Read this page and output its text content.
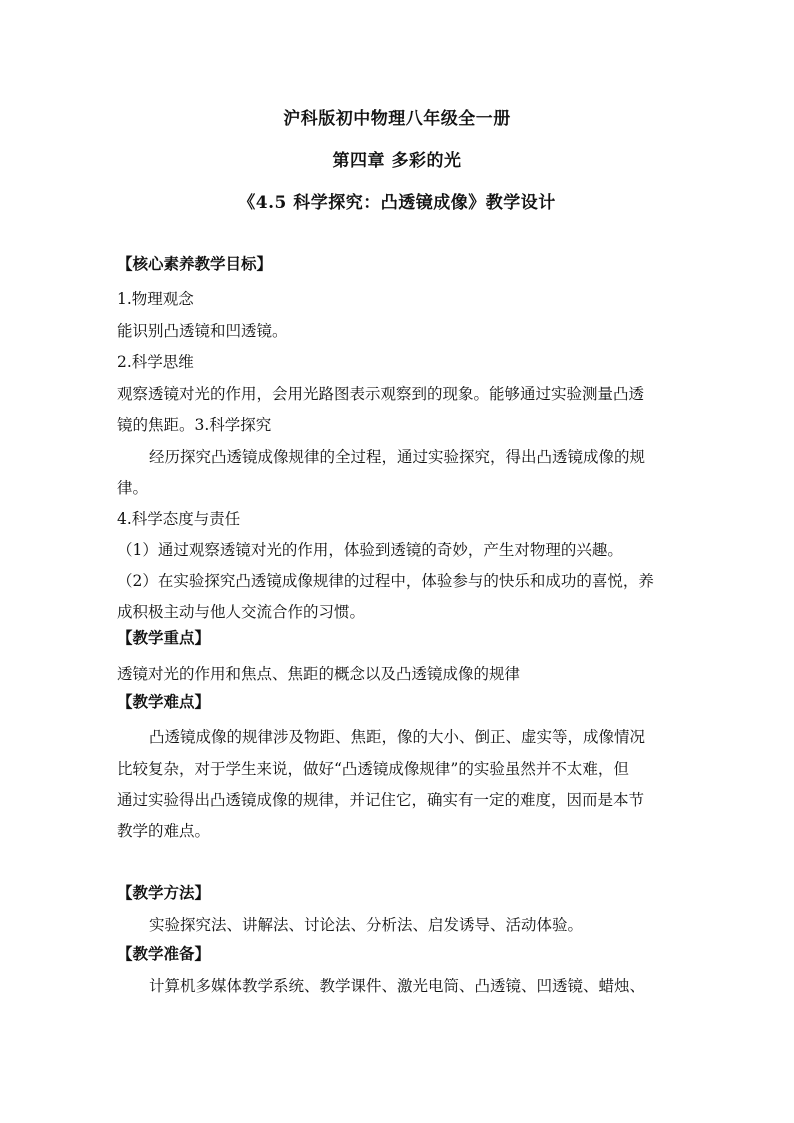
沪科版初中物理八年级全一册
第四章 多彩的光
《4.5 科学探究：凸透镜成像》教学设计
【核心素养教学目标】
1.物理观念
能识别凸透镜和凹透镜。
2.科学思维
观察透镜对光的作用，会用光路图表示观察到的现象。能够通过实验测量凸透
镜的焦距。3.科学探究
经历探究凸透镜成像规律的全过程，通过实验探究，得出凸透镜成像的规
律。
4.科学态度与责任
（1）通过观察透镜对光的作用，体验到透镜的奇妙，产生对物理的兴趣。
（2）在实验探究凸透镜成像规律的过程中，体验参与的快乐和成功的喜悦，养
成积极主动与他人交流合作的习惯。
【教学重点】
透镜对光的作用和焦点、焦距的概念以及凸透镜成像的规律
【教学难点】
凸透镜成像的规律涉及物距、焦距，像的大小、倒正、虚实等，成像情况
比较复杂，对于学生来说，做好“凸透镜成像规律”的实验虽然并不太难，但
通过实验得出凸透镜成像的规律，并记住它，确实有一定的难度，因而是本节
教学的难点。
【教学方法】
实验探究法、讲解法、讨论法、分析法、启发诱导、活动体验。
【教学准备】
计算机多媒体教学系统、教学课件、激光电筒、凸透镜、凹透镜、蜡烛、
